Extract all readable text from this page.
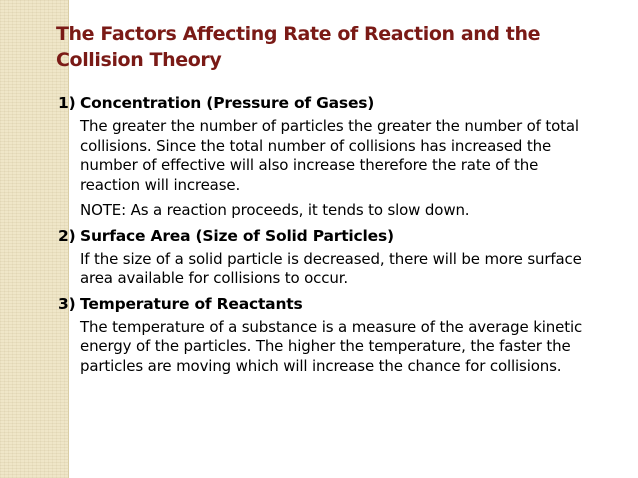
The Factors Affecting Rate of Reaction and the
Collision Theory
1) Concentration (Pressure of Gases)

The greater the number of particles the greater the number of total collisions. Since the total number of collisions has increased the number of effective will also increase therefore the rate of the reaction will increase.

NOTE: As a reaction proceeds, it tends to slow down.

2) Surface Area (Size of Solid Particles)

If the size of a solid particle is decreased, there will be more surface area available for collisions to occur.

3) Temperature of Reactants

The temperature of a substance is a measure of the average kinetic energy of the particles. The higher the temperature, the faster the particles are moving which will increase the chance for collisions.
